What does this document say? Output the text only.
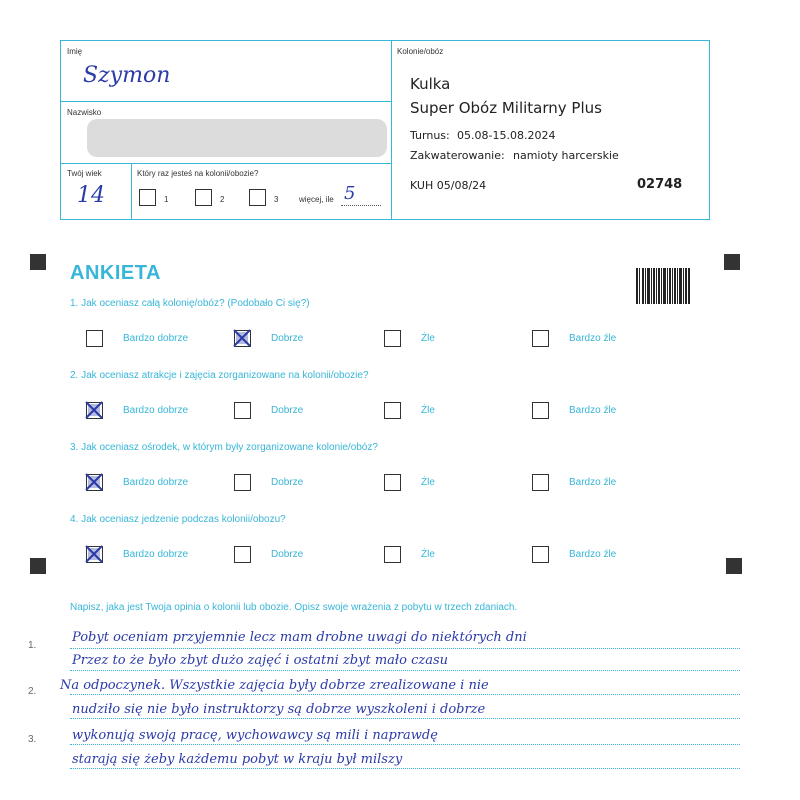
Imię
Szymon
Nazwisko
Twój wiek
14
Który raz jesteś na kolonii/obozie?
1	2	3	więcej, ile 5
Kolonie/obóz
Kulka
Super Obóz Militarny Plus
Turnus: 05.08-15.08.2024
Zakwaterowanie: namioty harcerskie
KUH 05/08/24	02748
ANKIETA
1. Jak oceniasz całą kolonię/obóz? (Podobało Ci się?)
2. Jak oceniasz atrakcje i zajęcia zorganizowane na kolonii/obozie?
3. Jak oceniasz ośrodek, w którym były zorganizowane kolonie/obóz?
4. Jak oceniasz jedzenie podczas kolonii/obozu?
Bardzo dobrze	Dobrze	Źle	Bardzo źle
Bardzo dobrze	Dobrze	Źle	Bardzo źle
Bardzo dobrze	Dobrze	Źle	Bardzo źle
Bardzo dobrze	Dobrze	Źle	Bardzo źle
Napisz, jaka jest Twoja opinia o kolonii lub obozie. Opisz swoje wrażenia z pobytu w trzech zdaniach.
1.
2.
3.
Pobyt oceniam przyjemnie lecz mam drobne uwagi do niektórych dni
Przez to że było zbyt dużo zajęć i ostatni zbyt mało czasu
Na odpoczynek. Wszystkie zajęcia były dobrze zrealizowane i nie
nudziło się nie było instruktorzy są dobrze wyszkoleni i dobrze
wykonują swoją pracę, wychowawcy są mili i naprawdę
starają się żeby każdemu pobyt w kraju był milszy
